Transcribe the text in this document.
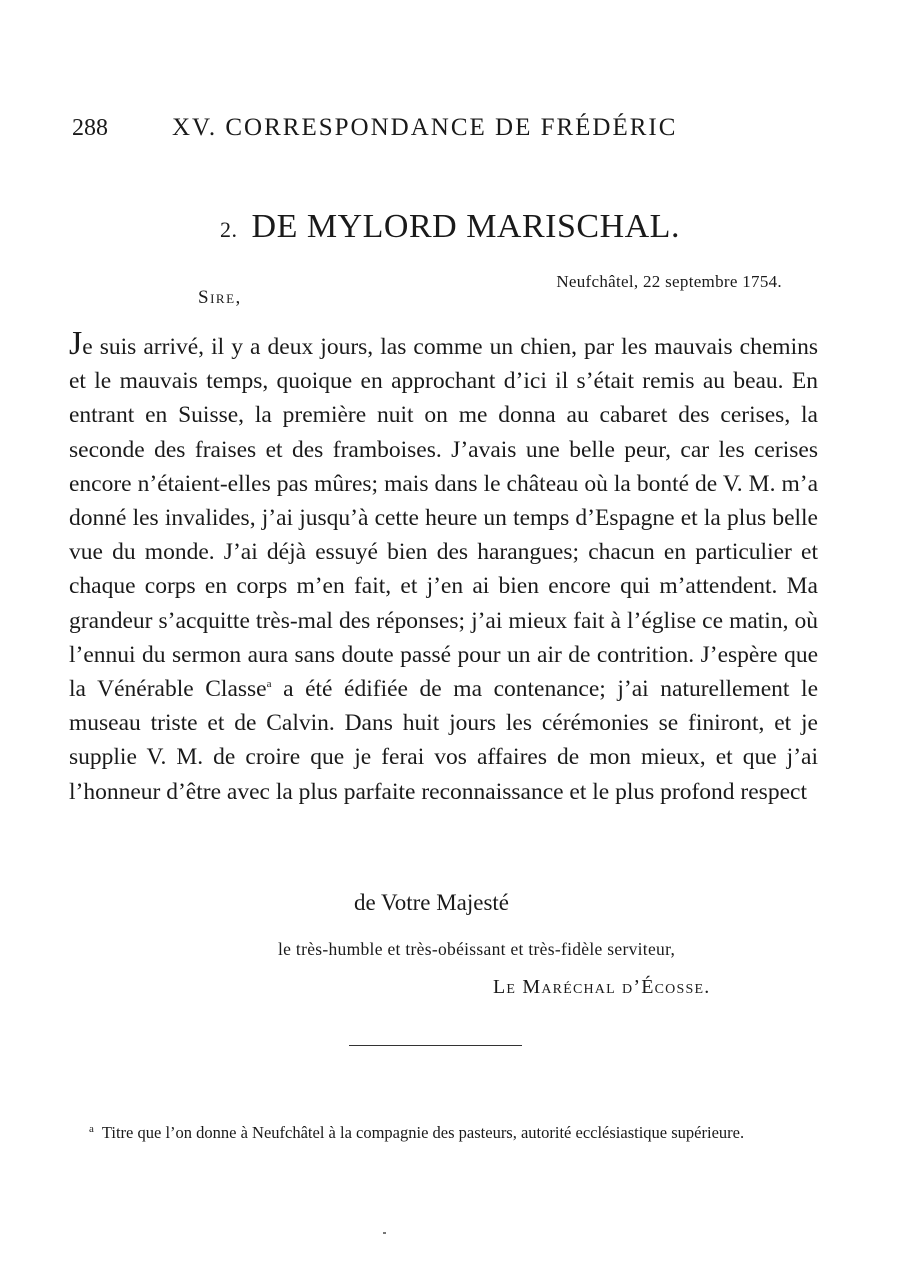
288	XV. CORRESPONDANCE DE FRÉDÉRIC
2. DE MYLORD MARISCHAL.
Neufchâtel, 22 septembre 1754.
Sire,
Je suis arrivé, il y a deux jours, las comme un chien, par les mauvais chemins et le mauvais temps, quoique en approchant d’ici il s’était remis au beau. En entrant en Suisse, la première nuit on me donna au cabaret des cerises, la seconde des fraises et des framboises. J’avais une belle peur, car les cerises encore n’étaient-elles pas mûres; mais dans le château où la bonté de V. M. m’a donné les invalides, j’ai jusqu’à cette heure un temps d’Espagne et la plus belle vue du monde. J’ai déjà essuyé bien des harangues; chacun en particulier et chaque corps en corps m’en fait, et j’en ai bien encore qui m’attendent. Ma grandeur s’acquitte très-mal des réponses; j’ai mieux fait à l’église ce matin, où l’ennui du sermon aura sans doute passé pour un air de contrition. J’espère que la Vénérable Classe$^a$ a été édifiée de ma contenance; j’ai naturellement le museau triste et de Calvin. Dans huit jours les cérémonies se finiront, et je supplie V. M. de croire que je ferai vos affaires de mon mieux, et que j’ai l’honneur d’être avec la plus parfaite reconnaissance et le plus profond respect
de Votre Majesté
le très-humble et très-obéissant et très-fidèle serviteur,
Le Maréchal d’Écosse.
$^a$ Titre que l’on donne à Neufchâtel à la compagnie des pasteurs, autorité ecclésiastique supérieure.
